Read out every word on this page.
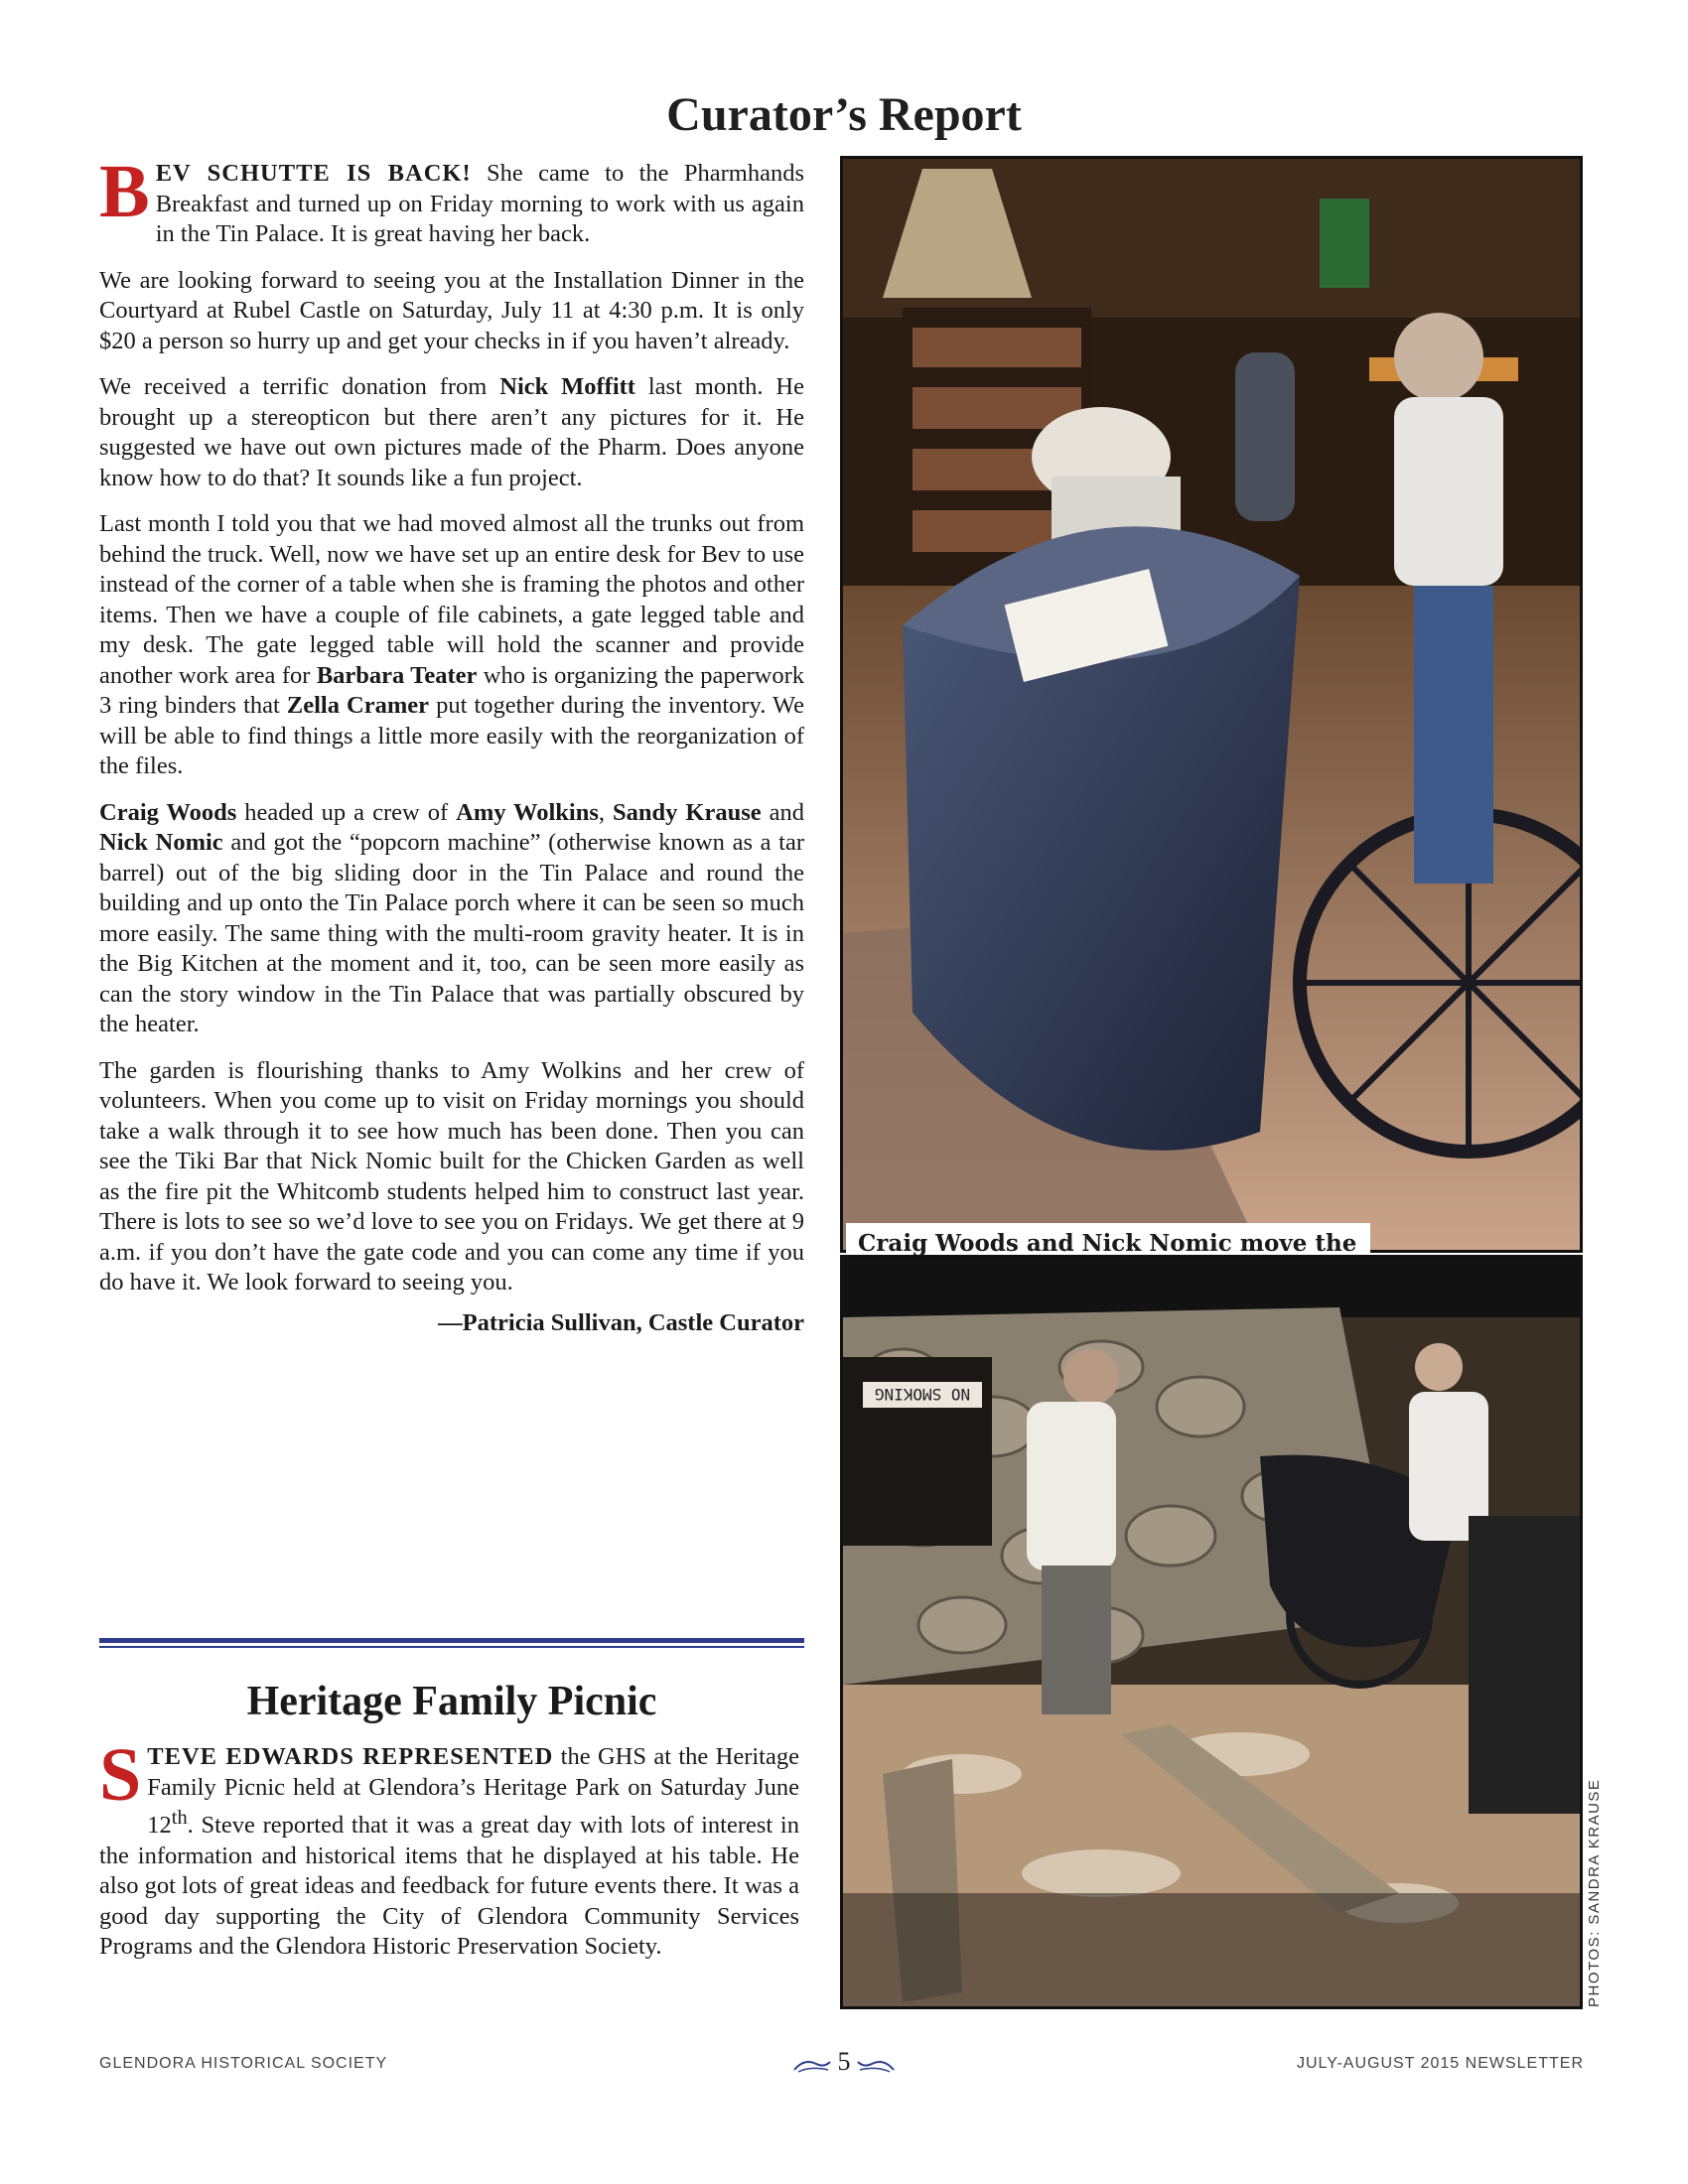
Curator’s Report

BEV SCHUTTE IS BACK! She came to the Pharmhands Breakfast and turned up on Friday morning to work with us again in the Tin Palace. It is great having her back.

We are looking forward to seeing you at the Installation Dinner in the Courtyard at Rubel Castle on Saturday, July 11 at 4:30 p.m. It is only $20 a person so hurry up and get your checks in if you haven’t already.

We received a terrific donation from Nick Moffitt last month. He brought up a stereopticon but there aren’t any pictures for it. He suggested we have out own pictures made of the Pharm. Does anyone know how to do that? It sounds like a fun project.

Last month I told you that we had moved almost all the trunks out from behind the truck. Well, now we have set up an entire desk for Bev to use instead of the corner of a table when she is framing the photos and other items. Then we have a couple of file cabinets, a gate legged table and my desk. The gate legged table will hold the scanner and provide another work area for Barbara Teater who is organizing the paperwork 3 ring binders that Zella Cramer put together during the inventory. We will be able to find things a little more easily with the reorganization of the files.

Craig Woods headed up a crew of Amy Wolkins, Sandy Krause and Nick Nomic and got the “popcorn machine” (otherwise known as a tar barrel) out of the big sliding door in the Tin Palace and round the building and up onto the Tin Palace porch where it can be seen so much more easily. The same thing with the multi-room gravity heater. It is in the Big Kitchen at the moment and it, too, can be seen more easily as can the story window in the Tin Palace that was partially obscured by the heater.

The garden is flourishing thanks to Amy Wolkins and her crew of volunteers. When you come up to visit on Friday mornings you should take a walk through it to see how much has been done. Then you can see the Tiki Bar that Nick Nomic built for the Chicken Garden as well as the fire pit the Whitcomb students helped him to construct last year. There is lots to see so we’d love to see you on Fridays. We get there at 9 a.m. if you don’t have the gate code and you can come any time if you do have it. We look forward to seeing you.

—Patricia Sullivan, Castle Curator

Heritage Family Picnic

STEVE EDWARDS REPRESENTED the GHS at the Heritage Family Picnic held at Glendora’s Heritage Park on Saturday June 12th. Steve reported that it was a great day with lots of interest in the information and historical items that he displayed at his table. He also got lots of great ideas and feedback for future events there. It was a good day supporting the City of Glendora Community Services Programs and the Glendora Historic Preservation Society.

Craig Woods and Nick Nomic move the
NO SMOKING
PHOTOS: SANDRA KRAUSE
GLENDORA HISTORICAL SOCIETY	5	JULY-AUGUST 2015 NEWSLETTER
